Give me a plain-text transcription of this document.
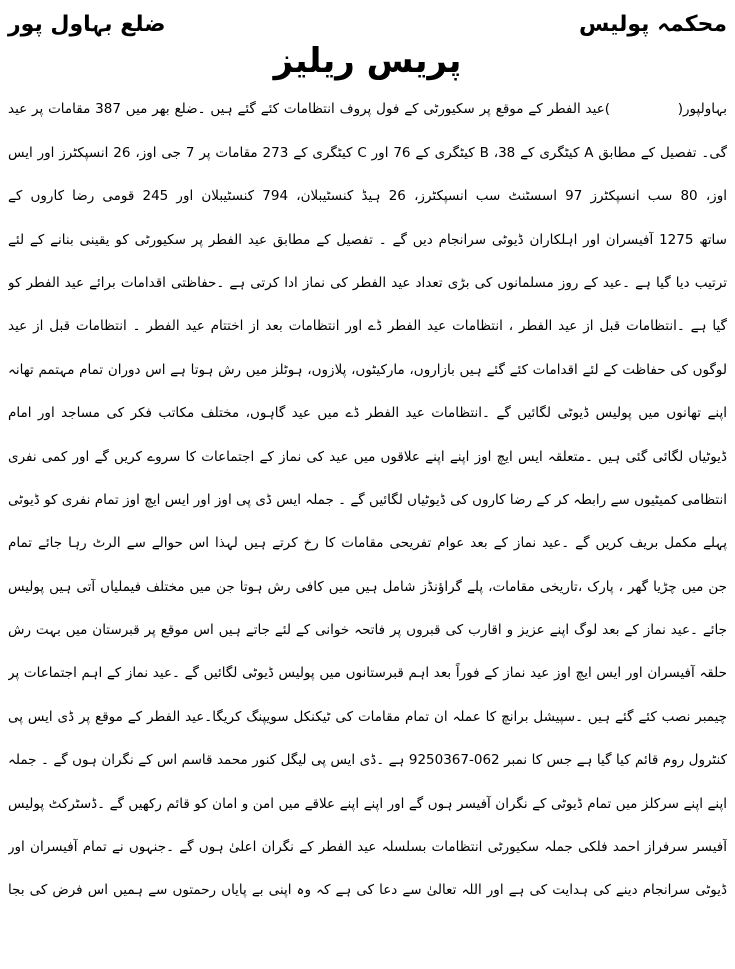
محکمہ پولیس
ضلع بہاول پور
پریس ریلیز
بہاولپور(              )عید الفطر کے موقع پر سکیورٹی کے فول پروف انتظامات کئے گئے ہیں ۔ضلع بھر میں 387 مقامات پر عید
گی۔ تفصیل کے مطابق A کیٹگری کے 38، B کیٹگری کے 76 اور C کیٹگری کے 273 مقامات پر 7 جی اوز، 26 انسپکٹرز اور ایس
اوز، 80 سب انسپکٹرز 97 اسسٹنٹ سب انسپکٹرز، 26 ہیڈ کنسٹیبلان، 794 کنسٹیبلان اور 245 قومی رضا کاروں کے
ساتھ 1275 آفیسران اور اہلکاران ڈیوٹی سرانجام دیں گے ۔ تفصیل کے مطابق عید الفطر پر سکیورٹی کو یقینی بنانے کے لئے
ترتیب دیا گیا ہے ۔عید کے روز مسلمانوں کی بڑی تعداد عید الفطر کی نماز ادا کرتی ہے ۔حفاظتی اقدامات برائے عید الفطر کو
گیا ہے ۔انتظامات قبل از عید الفطر ، انتظامات عید الفطر ڈے اور انتظامات بعد از اختتام عید الفطر ۔ انتظامات قبل از عید
لوگوں کی حفاظت کے لئے اقدامات کئے گئے ہیں بازاروں، مارکیٹوں، پلازوں، ہوٹلز میں رش ہوتا ہے اس دوران تمام مہتمم تھانہ
اپنے تھانوں میں پولیس ڈیوٹی لگائیں گے ۔انتظامات عید الفطر ڈے میں عید گاہوں، مختلف مکاتب فکر کی مساجد اور امام
ڈیوٹیاں لگائی گئی ہیں ۔متعلقہ ایس ایچ اوز اپنے اپنے علاقوں میں عید کی نماز کے اجتماعات کا سروے کریں گے اور کمی نفری
انتظامی کمیٹیوں سے رابطہ کر کے رضا کاروں کی ڈیوٹیاں لگائیں گے ۔ جملہ ایس ڈی پی اوز اور ایس ایچ اوز تمام نفری کو ڈیوٹی
پہلے مکمل بریف کریں گے ۔عید نماز کے بعد عوام تفریحی مقامات کا رخ کرتے ہیں لہذا اس حوالے سے الرٹ رہا جائے تمام
جن میں چڑیا گھر ، پارک ،تاریخی مقامات، پلے گراؤنڈز شامل ہیں میں کافی رش ہوتا جن میں مختلف فیملیاں آتی ہیں پولیس
جائے ۔عید نماز کے بعد لوگ اپنے عزیز و اقارب کی قبروں پر فاتحہ خوانی کے لئے جاتے ہیں اس موقع پر قبرستان میں بہت رش
حلقہ آفیسران اور ایس ایچ اوز عید نماز کے فوراً بعد اہم قبرستانوں میں پولیس ڈیوٹی لگائیں گے ۔عید نماز کے اہم اجتماعات پر
چیمبر نصب کئے گئے ہیں ۔سپیشل برانچ کا عملہ ان تمام مقامات کی ٹیکنکل سویپنگ کریگا۔عید الفطر کے موقع پر ڈی ایس پی
کنٹرول روم قائم کیا گیا ہے جس کا نمبر 062-9250367 ہے ۔ڈی ایس پی لیگل کنور محمد قاسم اس کے نگران ہوں گے ۔ جملہ
اپنے اپنے سرکلز میں تمام ڈیوٹی کے نگران آفیسر ہوں گے اور اپنے اپنے علاقے میں امن و امان کو قائم رکھیں گے ۔ڈسٹرکٹ پولیس
آفیسر سرفراز احمد فلکی جملہ سکیورٹی انتظامات بسلسلہ عید الفطر کے نگران اعلیٰ ہوں گے ۔جنہوں نے تمام آفیسران اور
ڈیوٹی سرانجام دینے کی ہدایت کی ہے اور اللہ تعالیٰ سے دعا کی ہے کہ وہ اپنی بے پایاں رحمتوں سے ہمیں اس فرض کی بجا
